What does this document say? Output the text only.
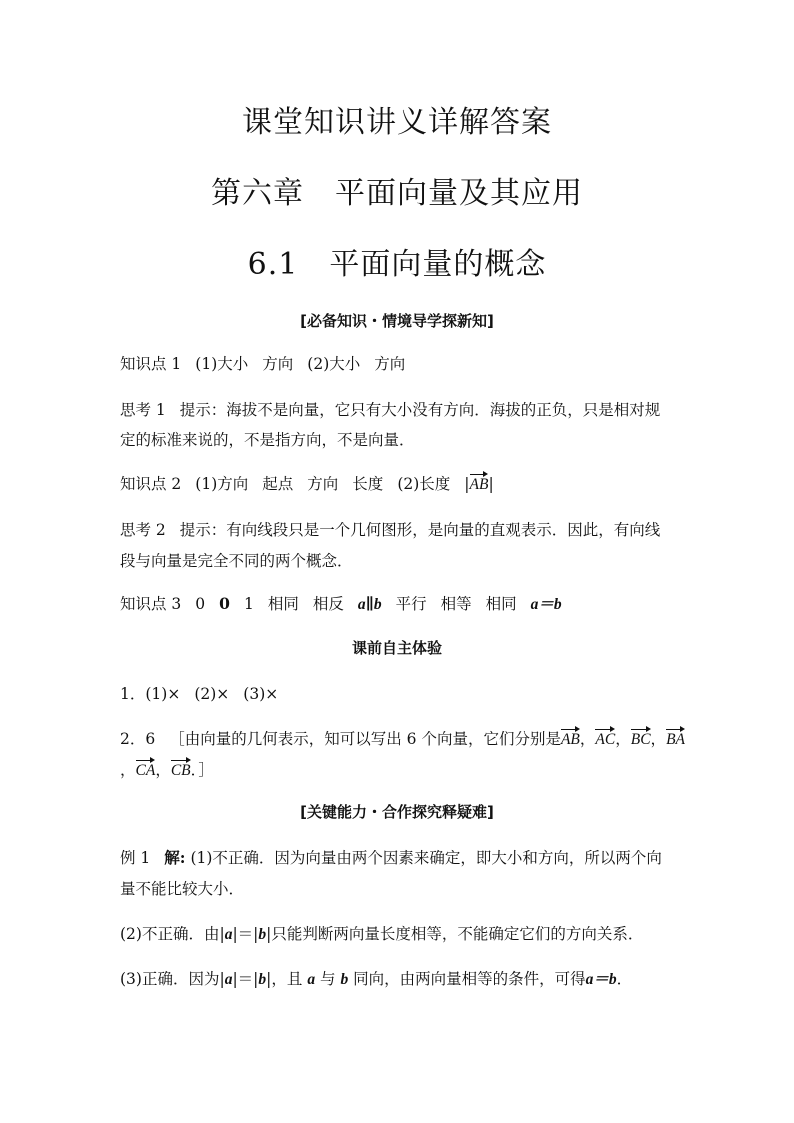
课堂知识讲义详解答案
第六章　平面向量及其应用
6.1　平面向量的概念
[必备知识・情境导学探新知]
知识点 1 (1)大小 方向 (2)大小 方向
思考 1 提示：海拔不是向量，它只有大小没有方向．海拔的正负，只是相对规
定的标准来说的，不是指方向，不是向量．
知识点 2 (1)方向 起点 方向 长度 (2)长度 |AB|
思考 2 提示：有向线段只是一个几何图形，是向量的直观表示．因此，有向线
段与向量是完全不同的两个概念．
知识点 3 0 0 1 相同 相反 a∥b 平行 相等 相同 a＝b
课前自主体验
1．(1)× (2)× (3)×
2．6 ［由向量的几何表示，知可以写出 6 个向量，它们分别是AB，AC，BC，BA
，CA，CB．］
[关键能力・合作探究释疑难]
例 1 解: (1)不正确．因为向量由两个因素来确定，即大小和方向，所以两个向
量不能比较大小．
(2)不正确．由|a|＝|b|只能判断两向量长度相等，不能确定它们的方向关系．
(3)正确．因为|a|＝|b|，且 a 与 b 同向，由两向量相等的条件，可得a＝b．
